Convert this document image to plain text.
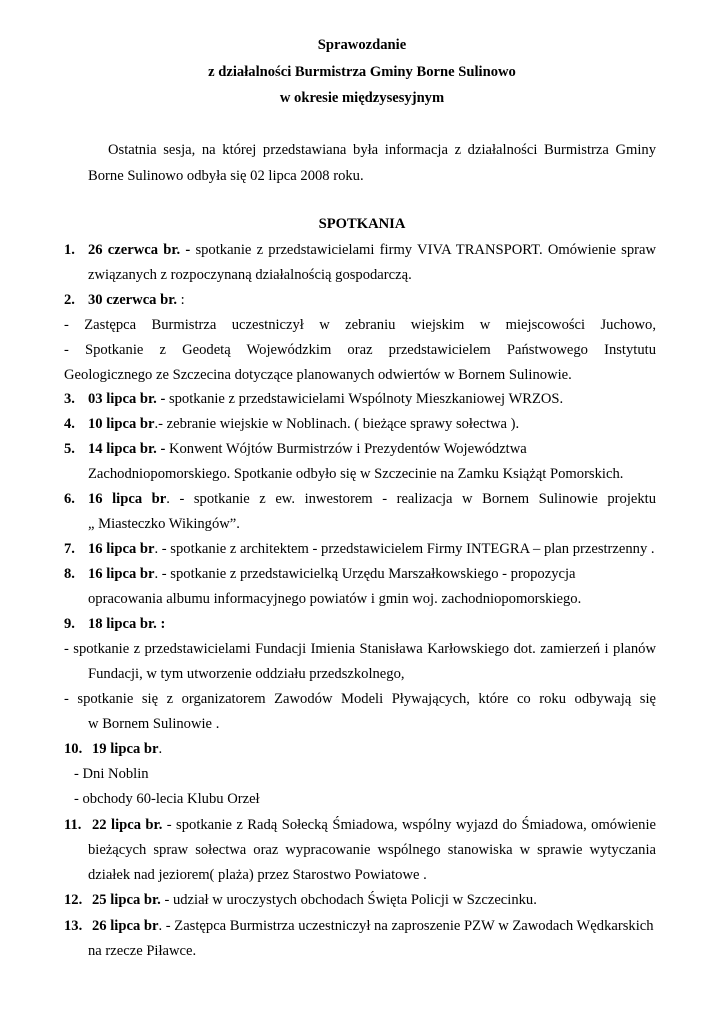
Sprawozdanie
z działalności Burmistrza Gminy Borne Sulinowo
w okresie międzysesyjnym
Ostatnia sesja, na której przedstawiana była informacja z działalności Burmistrza Gminy
Borne Sulinowo odbyła się 02 lipca 2008 roku.
SPOTKANIA
1. 26 czerwca br. - spotkanie z przedstawicielami firmy VIVA TRANSPORT. Omówienie spraw
związanych z rozpoczynaną działalnością gospodarczą.
2. 30 czerwca br. :
- Zastępca Burmistrza uczestniczył w zebraniu wiejskim w miejscowości Juchowo,
- Spotkanie z Geodetą Wojewódzkim oraz przedstawicielem Państwowego Instytutu
Geologicznego ze Szczecina dotyczące planowanych odwiertów w Bornem Sulinowie.
3. 03 lipca br. - spotkanie z przedstawicielami Wspólnoty Mieszkaniowej WRZOS.
4. 10 lipca br.- zebranie wiejskie w Noblinach. ( bieżące sprawy sołectwa ).
5. 14 lipca br. - Konwent Wójtów Burmistrzów i Prezydentów Województwa
Zachodniopomorskiego. Spotkanie odbyło się w Szczecinie na Zamku Książąt Pomorskich.
6. 16 lipca br. - spotkanie z ew. inwestorem - realizacja w Bornem Sulinowie projektu
„ Miasteczko Wikingów”.
7. 16 lipca br. - spotkanie z architektem - przedstawicielem Firmy INTEGRA – plan przestrzenny .
8. 16 lipca br. - spotkanie z przedstawicielką Urzędu Marszałkowskiego - propozycja
opracowania albumu informacyjnego powiatów i gmin woj. zachodniopomorskiego.
9. 18 lipca br. :
- spotkanie z przedstawicielami Fundacji Imienia Stanisława Karłowskiego dot. zamierzeń i planów
Fundacji, w tym utworzenie oddziału przedszkolnego,
- spotkanie się z organizatorem Zawodów Modeli Pływających, które co roku odbywają się
w Bornem Sulinowie .
10. 19 lipca br.
- Dni Noblin
- obchody 60-lecia Klubu Orzeł
11. 22 lipca br. - spotkanie z Radą Sołecką Śmiadowa, wspólny wyjazd do Śmiadowa, omówienie
bieżących spraw sołectwa oraz wypracowanie wspólnego stanowiska w sprawie wytyczania
działek nad jeziorem( plaża) przez Starostwo Powiatowe .
12. 25 lipca br. - udział w uroczystych obchodach Święta Policji w Szczecinku.
13. 26 lipca br. - Zastępca Burmistrza uczestniczył na zaproszenie PZW w Zawodach Wędkarskich
na rzecze Piławce.
